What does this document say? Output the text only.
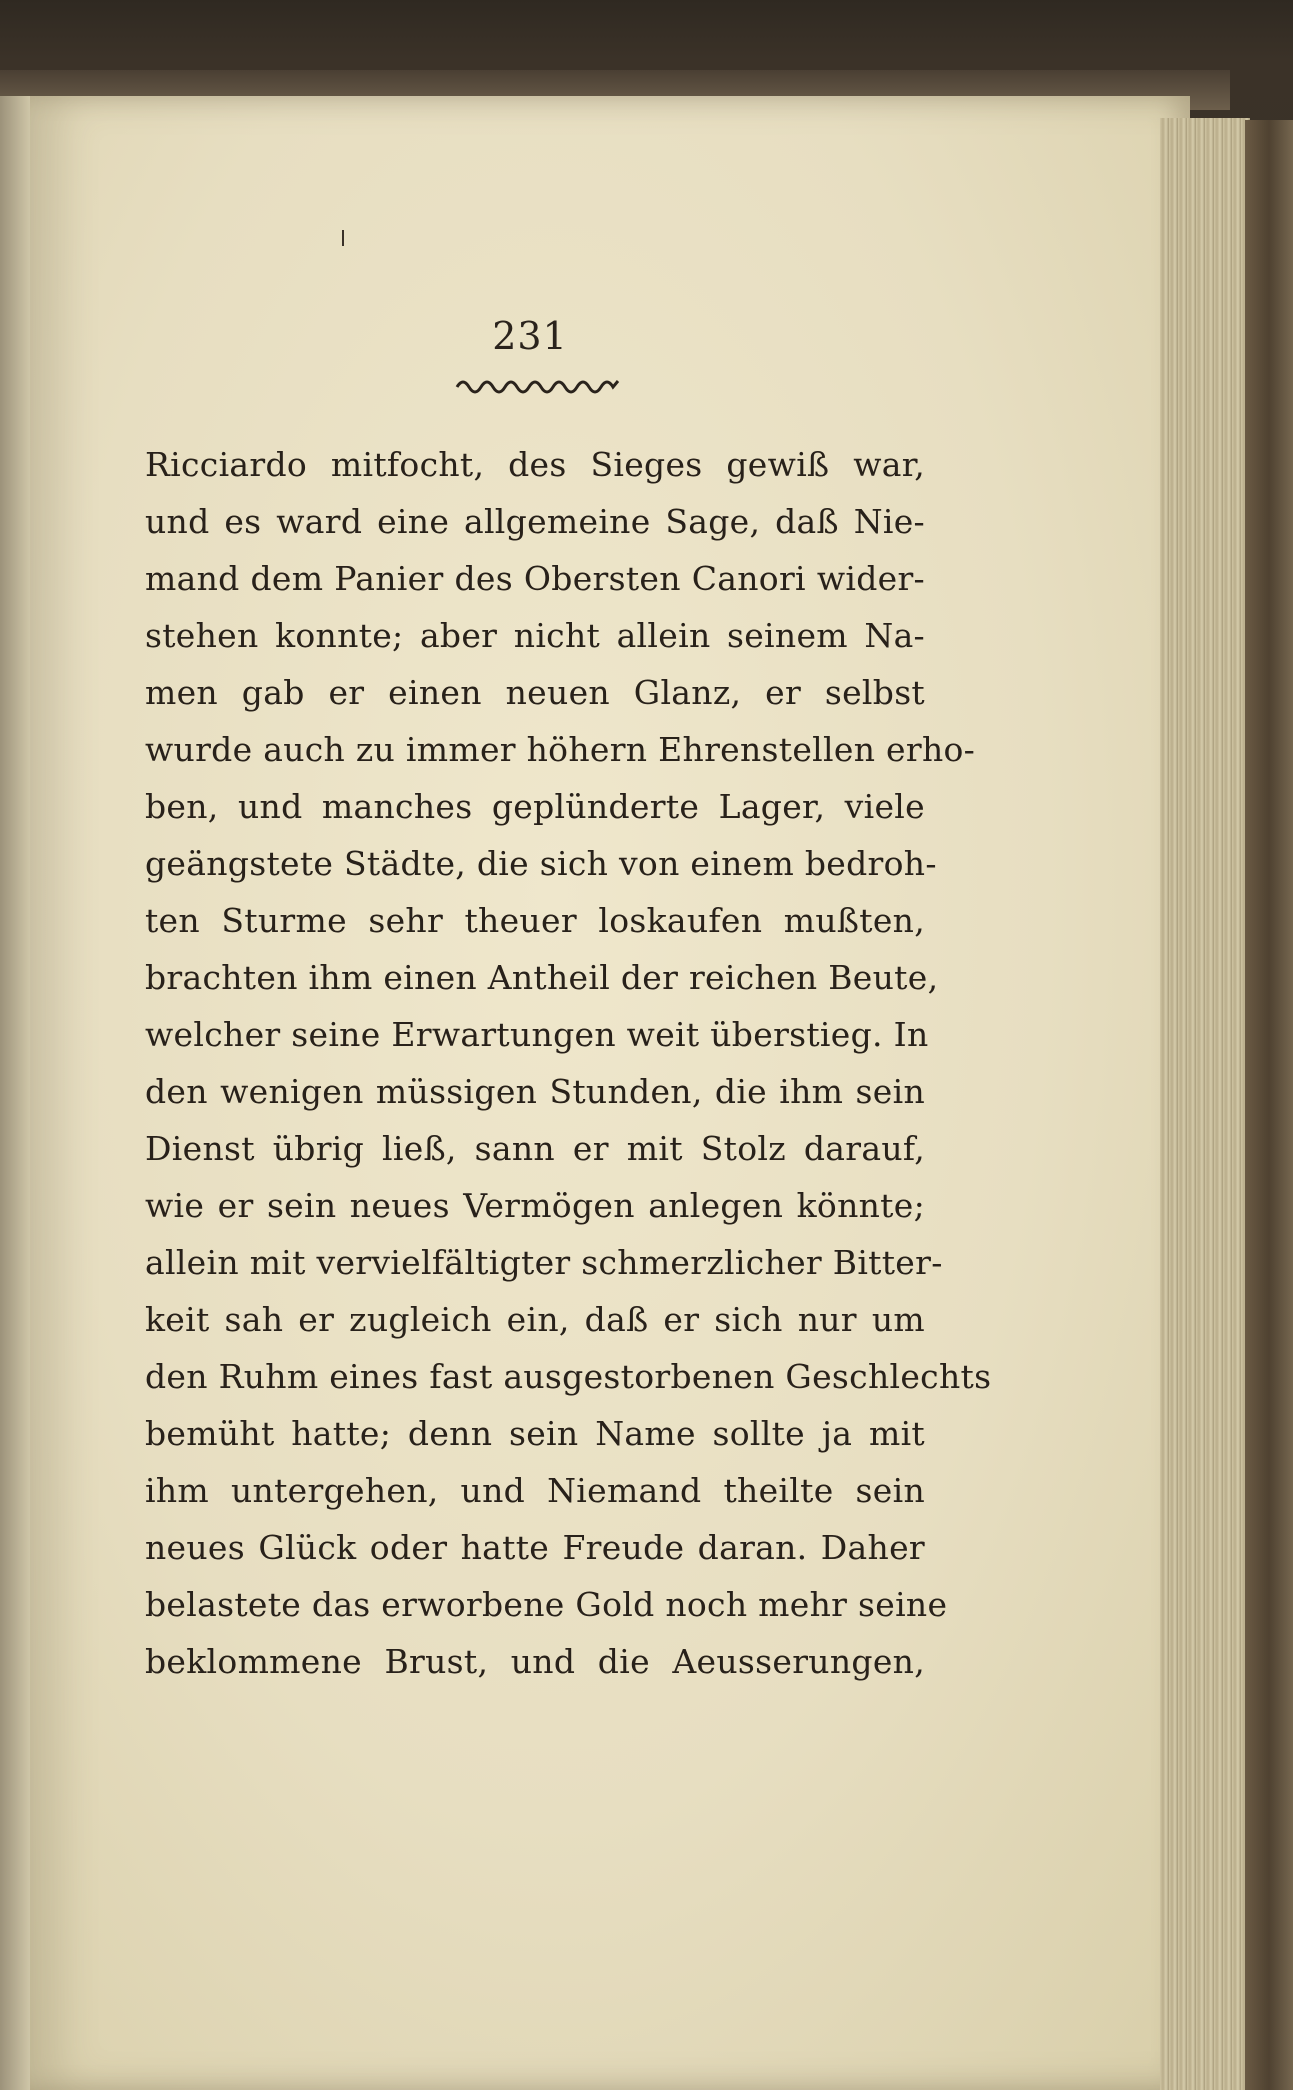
231
Ricciardo mitfocht, des Sieges gewiß war,
und es ward eine allgemeine Sage, daß Nie-
mand dem Panier des Obersten Canori wider-
stehen konnte; aber nicht allein seinem Na-
men gab er einen neuen Glanz, er selbst
wurde auch zu immer höhern Ehrenstellen erho-
ben, und manches geplünderte Lager, viele
geängstete Städte, die sich von einem bedroh-
ten Sturme sehr theuer loskaufen mußten,
brachten ihm einen Antheil der reichen Beute,
welcher seine Erwartungen weit überstieg. In
den wenigen müssigen Stunden, die ihm sein
Dienst übrig ließ, sann er mit Stolz darauf,
wie er sein neues Vermögen anlegen könnte;
allein mit vervielfältigter schmerzlicher Bitter-
keit sah er zugleich ein, daß er sich nur um
den Ruhm eines fast ausgestorbenen Geschlechts
bemüht hatte; denn sein Name sollte ja mit
ihm untergehen, und Niemand theilte sein
neues Glück oder hatte Freude daran. Daher
belastete das erworbene Gold noch mehr seine
beklommene Brust, und die Aeusserungen,
